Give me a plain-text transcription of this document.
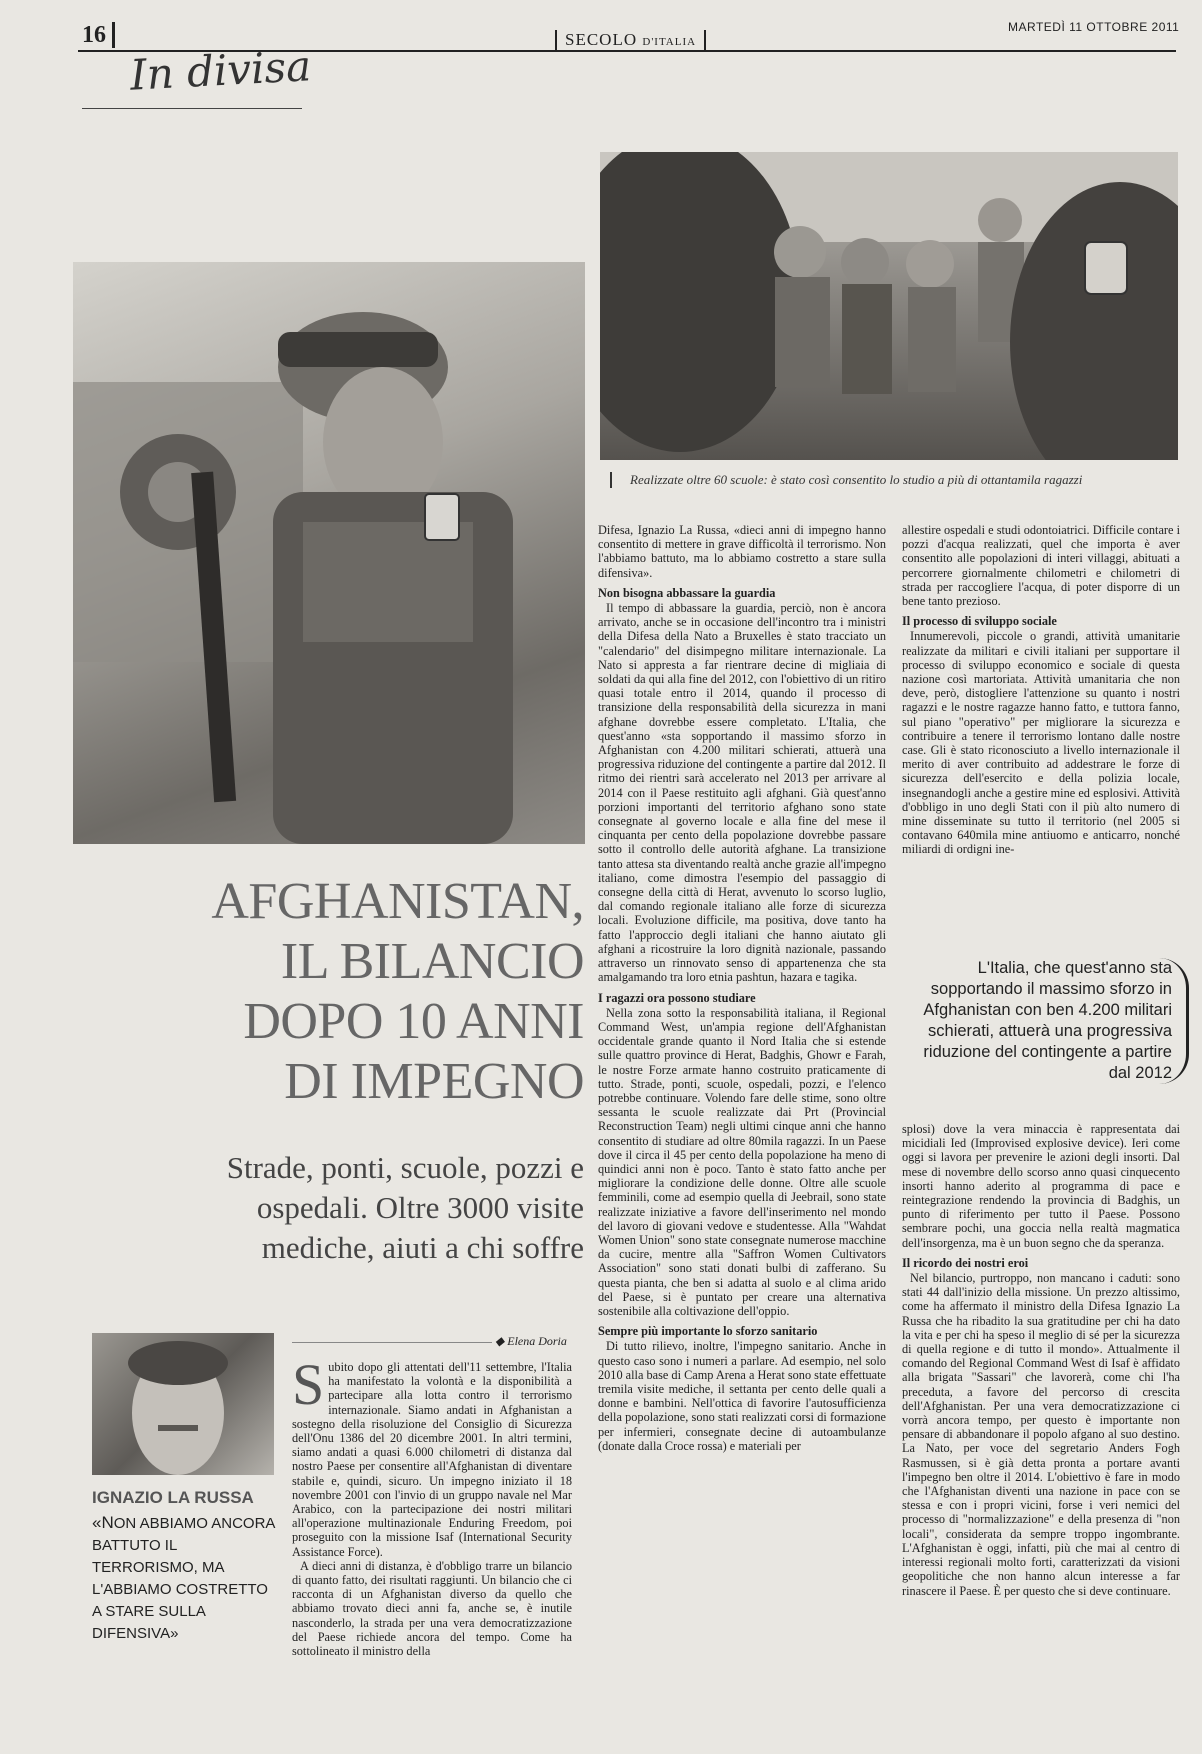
16	SECOLO D'ITALIA
MARTEDÌ 11 OTTOBRE 2011
In divisa
Realizzate oltre 60 scuole: è stato così consentito lo studio a più di ottantamila ragazzi
AFGHANISTAN,
IL BILANCIO
DOPO 10 ANNI
DI IMPEGNO
Strade, ponti, scuole, pozzi e ospedali. Oltre 3000 visite mediche, aiuti a chi soffre
IGNAZIO LA RUSSA
«NON ABBIAMO ANCORA BATTUTO IL TERRORISMO, MA L'ABBIAMO COSTRETTO A STARE SULLA DIFENSIVA»
◆ Elena Doria
S ubito dopo gli attentati dell'11 settembre, l'Italia ha manifestato la volontà e la disponibilità a partecipare alla lotta contro il terrorismo internazionale. Siamo andati in Afghanistan a sostegno della risoluzione del Consiglio di Sicurezza dell'Onu 1386 del 20 dicembre 2001. In altri termini, siamo andati a quasi 6.000 chilometri di distanza dal nostro Paese per consentire all'Afghanistan di diventare stabile e, quindi, sicuro. Un impegno iniziato il 18 novembre 2001 con l'invio di un gruppo navale nel Mar Arabico, con la partecipazione dei nostri militari all'operazione multinazionale Enduring Freedom, poi proseguito con la missione Isaf (International Security Assistance Force).

A dieci anni di distanza, è d'obbligo trarre un bilancio di quanto fatto, dei risultati raggiunti. Un bilancio che ci racconta di un Afghanistan diverso da quello che abbiamo trovato dieci anni fa, anche se, è inutile nasconderlo, la strada per una vera democratizzazione del Paese richiede ancora del tempo. Come ha sottolineato il ministro della

Difesa, Ignazio La Russa, «dieci anni di impegno hanno consentito di mettere in grave difficoltà il terrorismo. Non l'abbiamo battuto, ma lo abbiamo costretto a stare sulla difensiva».

Non bisogna abbassare la guardia

Il tempo di abbassare la guardia, perciò, non è ancora arrivato, anche se in occasione dell'incontro tra i ministri della Difesa della Nato a Bruxelles è stato tracciato un "calendario" del disimpegno militare internazionale. La Nato si appresta a far rientrare decine di migliaia di soldati da qui alla fine del 2012, con l'obiettivo di un ritiro quasi totale entro il 2014, quando il processo di transizione della responsabilità della sicurezza in mani afghane dovrebbe essere completato. L'Italia, che quest'anno «sta sopportando il massimo sforzo in Afghanistan con 4.200 militari schierati, attuerà una progressiva riduzione del contingente a partire dal 2012. Il ritmo dei rientri sarà accelerato nel 2013 per arrivare al 2014 con il Paese restituito agli afghani. Già quest'anno porzioni importanti del territorio afghano sono state consegnate al governo locale e alla fine del mese il cinquanta per cento della popolazione dovrebbe passare sotto il controllo delle autorità afghane. La transizione tanto attesa sta diventando realtà anche grazie all'impegno italiano, come dimostra l'esempio del passaggio di consegne della città di Herat, avvenuto lo scorso luglio, dal comando regionale italiano alle forze di sicurezza locali. Evoluzione difficile, ma positiva, dove tanto ha fatto l'approccio degli italiani che hanno aiutato gli afghani a ricostruire la loro dignità nazionale, passando attraverso un rinnovato senso di appartenenza che sta amalgamando tra loro etnia pashtun, hazara e tagika.

I ragazzi ora possono studiare

Nella zona sotto la responsabilità italiana, il Regional Command West, un'ampia regione dell'Afghanistan occidentale grande quanto il Nord Italia che si estende sulle quattro province di Herat, Badghis, Ghowr e Farah, le nostre Forze armate hanno costruito praticamente di tutto. Strade, ponti, scuole, ospedali, pozzi, e l'elenco potrebbe continuare. Volendo fare delle stime, sono oltre sessanta le scuole realizzate dai Prt (Provincial Reconstruction Team) negli ultimi cinque anni che hanno consentito di studiare ad oltre 80mila ragazzi. In un Paese dove il circa il 45 per cento della popolazione ha meno di quindici anni non è poco. Tanto è stato fatto anche per migliorare la condizione delle donne. Oltre alle scuole femminili, come ad esempio quella di Jeebrail, sono state realizzate iniziative a favore dell'inserimento nel mondo del lavoro di giovani vedove e studentesse. Alla "Wahdat Women Union" sono state consegnate numerose macchine da cucire, mentre alla "Saffron Women Cultivators Association" sono stati donati bulbi di zafferano. Su questa pianta, che ben si adatta al suolo e al clima arido del Paese, si è puntato per creare una alternativa sostenibile alla coltivazione dell'oppio.

Sempre più importante lo sforzo sanitario

Di tutto rilievo, inoltre, l'impegno sanitario. Anche in questo caso sono i numeri a parlare. Ad esempio, nel solo 2010 alla base di Camp Arena a Herat sono state effettuate tremila visite mediche, il settanta per cento delle quali a donne e bambini. Nell'ottica di favorire l'autosufficienza della popolazione, sono stati realizzati corsi di formazione per infermieri, consegnate decine di autoambulanze (donate dalla Croce rossa) e materiali per

allestire ospedali e studi odontoiatrici. Difficile contare i pozzi d'acqua realizzati, quel che importa è aver consentito alle popolazioni di interi villaggi, abituati a percorrere giornalmente chilometri e chilometri di strada per raccogliere l'acqua, di poter disporre di un bene tanto prezioso.

Il processo di sviluppo sociale

Innumerevoli, piccole o grandi, attività umanitarie realizzate da militari e civili italiani per supportare il processo di sviluppo economico e sociale di questa nazione così martoriata. Attività umanitaria che non deve, però, distogliere l'attenzione su quanto i nostri ragazzi e le nostre ragazze hanno fatto, e tuttora fanno, sul piano "operativo" per migliorare la sicurezza e contribuire a tenere il terrorismo lontano dalle nostre case. Gli è stato riconosciuto a livello internazionale il merito di aver contribuito ad addestrare le forze di sicurezza dell'esercito e della polizia locale, insegnandogli anche a gestire mine ed esplosivi. Attività d'obbligo in uno degli Stati con il più alto numero di mine disseminate su tutto il territorio (nel 2005 si contavano 640mila mine antiuomo e anticarro, nonché miliardi di ordigni ine-

L'Italia, che quest'anno sta sopportando il massimo sforzo in Afghanistan con ben 4.200 militari schierati, attuerà una progressiva riduzione del contingente a partire dal 2012

splosi) dove la vera minaccia è rappresentata dai micidiali Ied (Improvised explosive device). Ieri come oggi si lavora per prevenire le azioni degli insorti. Dal mese di novembre dello scorso anno quasi cinquecento insorti hanno aderito al programma di pace e reintegrazione rendendo la provincia di Badghis, un punto di riferimento per tutto il Paese. Possono sembrare pochi, una goccia nella realtà magmatica dell'insorgenza, ma è un buon segno che da speranza.

Il ricordo dei nostri eroi

Nel bilancio, purtroppo, non mancano i caduti: sono stati 44 dall'inizio della missione. Un prezzo altissimo, come ha affermato il ministro della Difesa Ignazio La Russa che ha ribadito la sua gratitudine per chi ha dato la vita e per chi ha speso il meglio di sé per la sicurezza di quella regione e di tutto il mondo». Attualmente il comando del Regional Command West di Isaf è affidato alla brigata "Sassari" che lavorerà, come chi l'ha preceduta, a favore del percorso di crescita dell'Afghanistan. Per una vera democratizzazione ci vorrà ancora tempo, per questo è importante non pensare di abbandonare il popolo afgano al suo destino. La Nato, per voce del segretario Anders Fogh Rasmussen, si è già detta pronta a portare avanti l'impegno ben oltre il 2014. L'obiettivo è fare in modo che l'Afghanistan diventi una nazione in pace con se stessa e con i propri vicini, forse i veri nemici del processo di "normalizzazione" e della presenza di "non locali", considerata da sempre troppo ingombrante. L'Afghanistan è oggi, infatti, più che mai al centro di interessi regionali molto forti, caratterizzati da visioni geopolitiche che non hanno alcun interesse a far rinascere il Paese. È per questo che si deve continuare.
